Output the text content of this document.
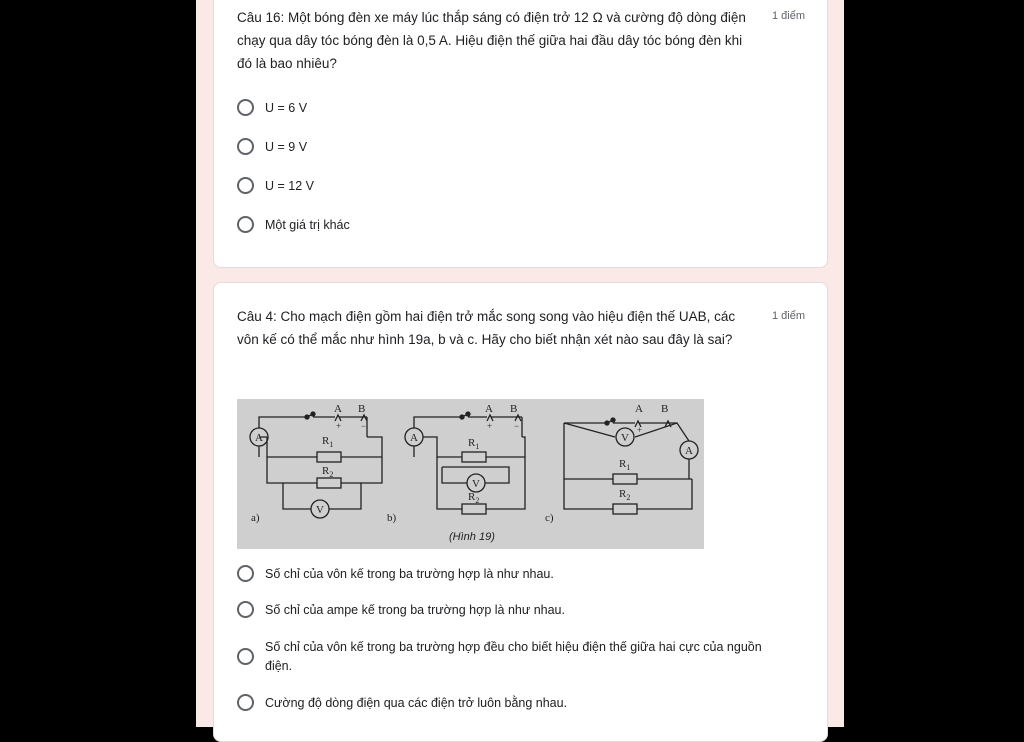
Câu 16: Một bóng đèn xe máy lúc thắp sáng có điện trở 12 Ω và cường độ dòng điện chạy qua dây tóc bóng đèn là 0,5 A. Hiệu điện thế giữa hai đầu dây tóc bóng đèn khi đó là bao nhiêu?
1 điểm
U = 6 V
U = 9 V
U = 12 V
Một giá trị khác
Câu 4: Cho mạch điện gồm hai điện trở mắc song song vào hiệu điện thế UAB, các vôn kế có thể mắc như hình 19a, b và c. Hãy cho biết nhận xét nào sau đây là sai?
1 điểm
A
V
A B
+ −
$R_1$
$R_2$
a)
A
V
A B
+ −
$R_1$
$R_2$
b)
V
A
A B
+
$R_1$
$R_2$
c)
(Hình 19)
Số chỉ của vôn kế trong ba trường hợp là như nhau.
Số chỉ của ampe kế trong ba trường hợp là như nhau.
Số chỉ của vôn kế trong ba trường hợp đều cho biết hiệu điện thế giữa hai cực của nguồn điện.
Cường độ dòng điện qua các điện trở luôn bằng nhau.
